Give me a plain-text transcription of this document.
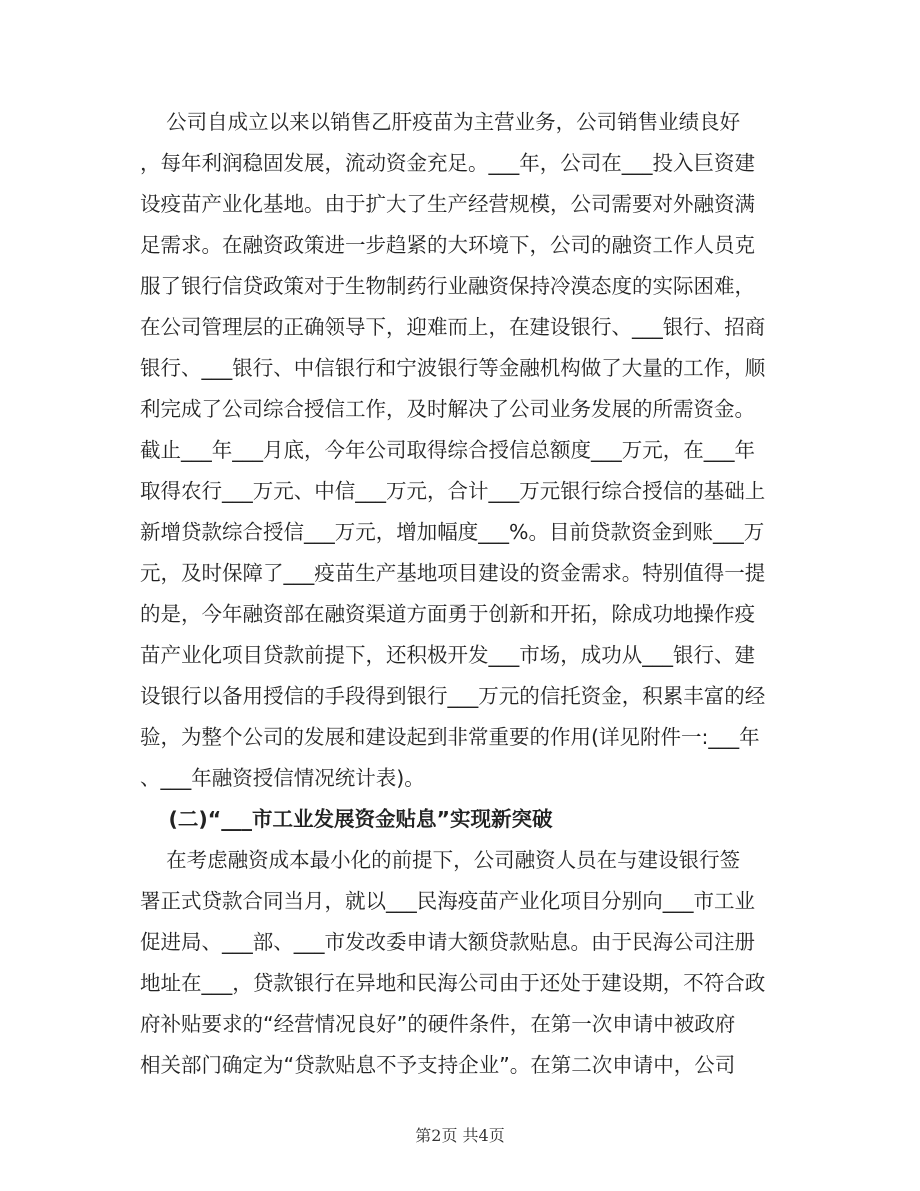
公司自成立以来以销售乙肝疫苗为主营业务，公司销售业绩良好
，每年利润稳固发展，流动资金充足。___年，公司在___投入巨资建
设疫苗产业化基地。由于扩大了生产经营规模，公司需要对外融资满
足需求。在融资政策进一步趋紧的大环境下，公司的融资工作人员克
服了银行信贷政策对于生物制药行业融资保持冷漠态度的实际困难，
在公司管理层的正确领导下，迎难而上，在建设银行、___银行、招商
银行、___银行、中信银行和宁波银行等金融机构做了大量的工作，顺
利完成了公司综合授信工作，及时解决了公司业务发展的所需资金。
截止___年___月底，今年公司取得综合授信总额度___万元，在___年
取得农行___万元、中信___万元，合计___万元银行综合授信的基础上
新增贷款综合授信___万元，增加幅度___%。目前贷款资金到账___万
元，及时保障了___疫苗生产基地项目建设的资金需求。特别值得一提
的是，今年融资部在融资渠道方面勇于创新和开拓，除成功地操作疫
苗产业化项目贷款前提下，还积极开发___市场，成功从___银行、建
设银行以备用授信的手段得到银行___万元的信托资金，积累丰富的经
验，为整个公司的发展和建设起到非常重要的作用(详见附件一:___年
、___年融资授信情况统计表)。
(二)“___市工业发展资金贴息”实现新突破
在考虑融资成本最小化的前提下，公司融资人员在与建设银行签
署正式贷款合同当月，就以___民海疫苗产业化项目分别向___市工业
促进局、___部、___市发改委申请大额贷款贴息。由于民海公司注册
地址在___，贷款银行在异地和民海公司由于还处于建设期，不符合政
府补贴要求的“经营情况良好”的硬件条件，在第一次申请中被政府
相关部门确定为“贷款贴息不予支持企业”。在第二次申请中，公司
第2页 共4页
